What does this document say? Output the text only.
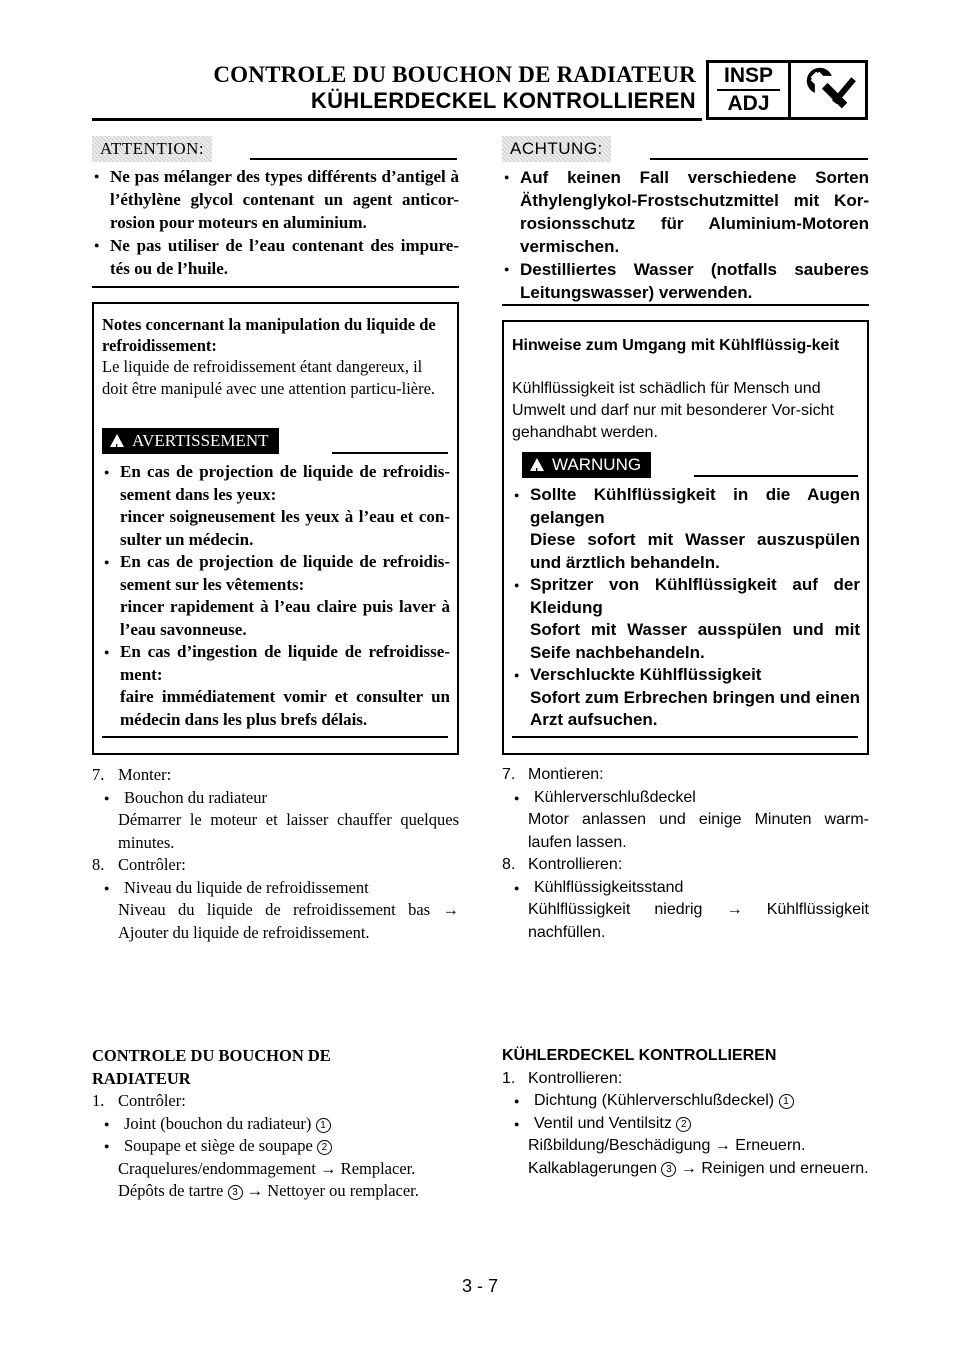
CONTROLE DU BOUCHON DE RADIATEUR
KÜHLERDECKEL KONTROLLIEREN
INSP
ADJ
ATTENTION:
● Ne pas mélanger des types différents d’antigel à l’éthylène glycol contenant un agent anticor-rosion pour moteurs en aluminium.
● Ne pas utiliser de l’eau contenant des impure-tés ou de l’huile.
Notes concernant la manipulation du liquide de refroidissement:
Le liquide de refroidissement étant dangereux, il doit être manipulé avec une attention particu-lière.
!AVERTISSEMENT
● En cas de projection de liquide de refroidis-sement dans les yeux:
rincer soigneusement les yeux à l’eau et con-sulter un médecin.
● En cas de projection de liquide de refroidis-sement sur les vêtements:
rincer rapidement à l’eau claire puis laver à l’eau savonneuse.
● En cas d’ingestion de liquide de refroidisse-ment:
faire immédiatement vomir et consulter un médecin dans les plus brefs délais.
7. Monter:
● Bouchon du radiateur
Démarrer le moteur et laisser chauffer quelques minutes.
8. Contrôler:
● Niveau du liquide de refroidissement
Niveau du liquide de refroidissement bas → Ajouter du liquide de refroidissement.
CONTROLE DU BOUCHON DE RADIATEUR
1. Contrôler:
● Joint (bouchon du radiateur) 1
● Soupape et siège de soupape 2
Craquelures/endommagement → Remplacer.
Dépôts de tartre 3 → Nettoyer ou remplacer.
ACHTUNG:
● Auf keinen Fall verschiedene Sorten Äthylenglykol-Frostschutzmittel mit Kor-rosionsschutz für Aluminium-Motoren vermischen.
● Destilliertes Wasser (notfalls sauberes Leitungswasser) verwenden.
Hinweise zum Umgang mit Kühlflüssig-keit
Kühlflüssigkeit ist schädlich für Mensch und Umwelt und darf nur mit besonderer Vor-sicht gehandhabt werden.
!WARNUNG
● Sollte Kühlflüssigkeit in die Augen gelangen
Diese sofort mit Wasser auszuspülen und ärztlich behandeln.
● Spritzer von Kühlflüssigkeit auf der Kleidung
Sofort mit Wasser ausspülen und mit Seife nachbehandeln.
● Verschluckte Kühlflüssigkeit
Sofort zum Erbrechen bringen und einen Arzt aufsuchen.
7. Montieren:
● Kühlerverschlußdeckel
Motor anlassen und einige Minuten warm-laufen lassen.
8. Kontrollieren:
● Kühlflüssigkeitsstand
Kühlflüssigkeit niedrig → Kühlflüssigkeit nachfüllen.
KÜHLERDECKEL KONTROLLIEREN
1. Kontrollieren:
● Dichtung (Kühlerverschlußdeckel) 1
● Ventil und Ventilsitz 2
Rißbildung/Beschädigung → Erneuern.
Kalkablagerungen 3 → Reinigen und erneuern.
3 - 7
